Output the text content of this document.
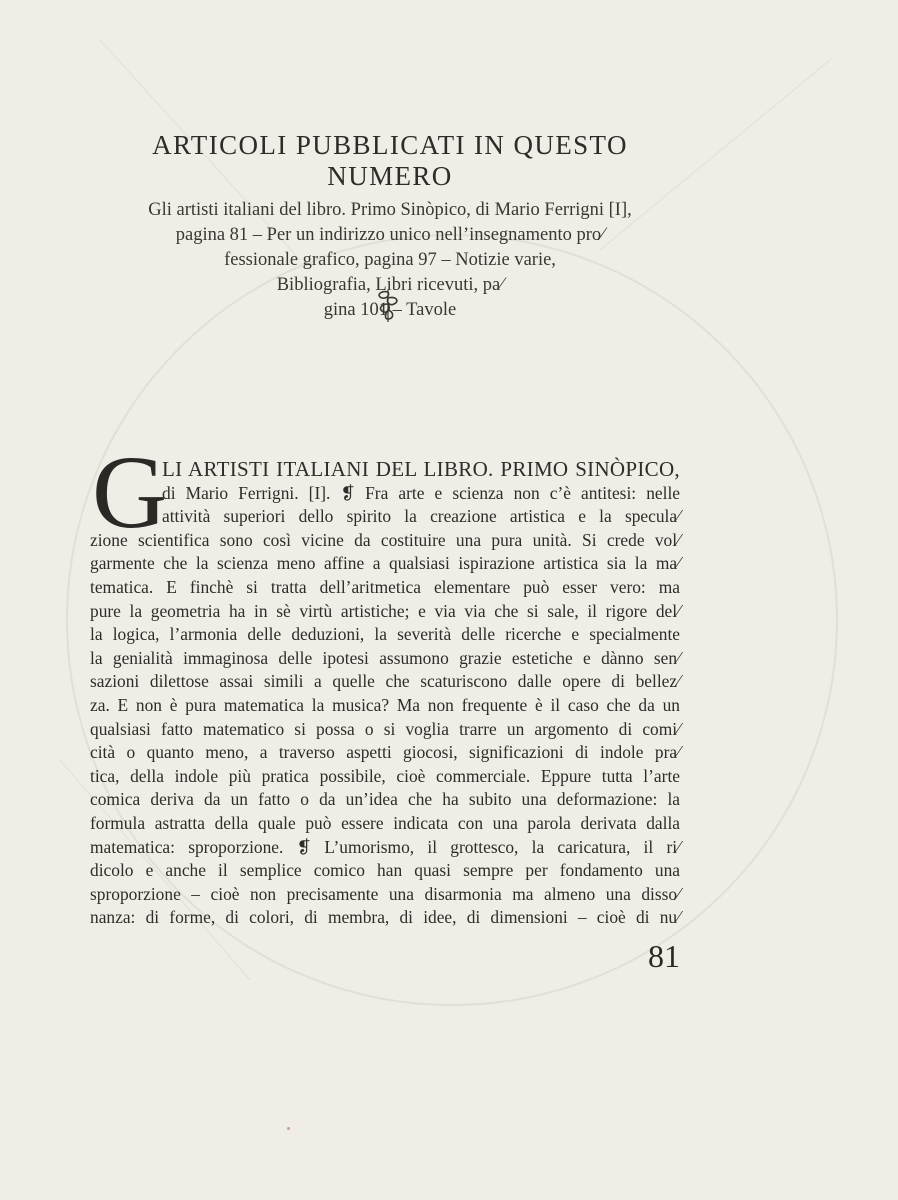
ARTICOLI PUBBLICATI IN QUESTO NUMERO

Gli artisti italiani del libro. Primo Sinòpico, di Mario Ferrigni [I],

pagina 81 – Per un indirizzo unico nell’insegnamento pro⁄

fessionale grafico, pagina 97 – Notizie varie,

Bibliografia, Libri ricevuti, pa⁄

gina 101 – Tavole

G
LI ARTISTI ITALIANI DEL LIBRO. PRIMO SINÒPICO,
di Mario Ferrigni. [I]. ❡ Fra arte e scienza non c’è antitesi: nelle
attività superiori dello spirito la creazione artistica e la specula⁄
zione scientifica sono così vicine da costituire una pura unità. Si crede vol⁄
garmente che la scienza meno affine a qualsiasi ispirazione artistica sia la ma⁄
tematica. E finchè si tratta dell’aritmetica elementare può esser vero: ma
pure la geometria ha in sè virtù artistiche; e via via che si sale, il rigore del⁄
la logica, l’armonia delle deduzioni, la severità delle ricerche e specialmente
la genialità immaginosa delle ipotesi assumono grazie estetiche e dànno sen⁄
sazioni dilettose assai simili a quelle che scaturiscono dalle opere di bellez⁄
za. E non è pura matematica la musica? Ma non frequente è il caso che da un
qualsiasi fatto matematico si possa o si voglia trarre un argomento di comi⁄
cità o quanto meno, a traverso aspetti giocosi, significazioni di indole pra⁄
tica, della indole più pratica possibile, cioè commerciale. Eppure tutta l’arte
comica deriva da un fatto o da un’idea che ha subito una deformazione: la
formula astratta della quale può essere indicata con una parola derivata dalla
matematica: sproporzione. ❡ L’umorismo, il grottesco, la caricatura, il ri⁄
dicolo e anche il semplice comico han quasi sempre per fondamento una
sproporzione – cioè non precisamente una disarmonia ma almeno una disso⁄
nanza: di forme, di colori, di membra, di idee, di dimensioni – cioè di nu⁄
81
